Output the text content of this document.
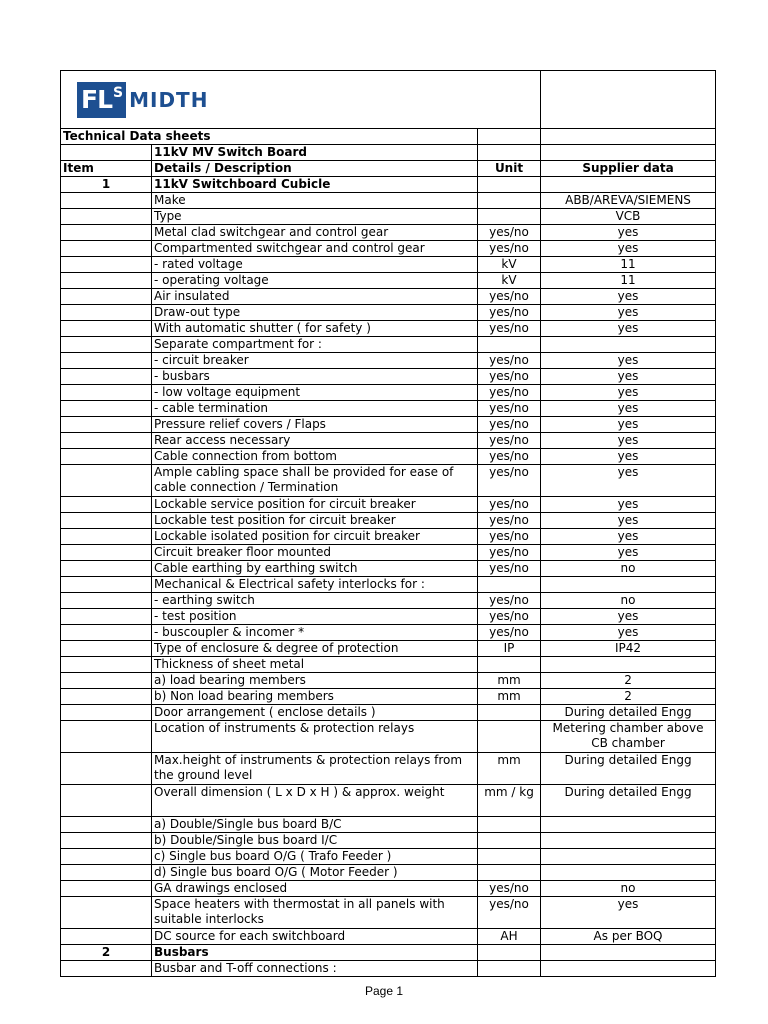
FL S MIDTH			

Technical Data sheets			
	11kV MV Switch Board		
Item	Details / Description	Unit	Supplier data
1	11kV Switchboard Cubicle		
	Make		ABB/AREVA/SIEMENS
	Type		VCB
	Metal clad switchgear and control gear	yes/no	yes
	Compartmented switchgear and control gear	yes/no	yes
	- rated voltage	kV	11
	- operating voltage	kV	11
	Air insulated	yes/no	yes
	Draw-out type	yes/no	yes
	With automatic shutter ( for safety )	yes/no	yes
	Separate compartment for :		
	- circuit breaker	yes/no	yes
	- busbars	yes/no	yes
	- low voltage equipment	yes/no	yes
	- cable termination	yes/no	yes
	Pressure relief covers / Flaps	yes/no	yes
	Rear access necessary	yes/no	yes
	Cable connection from bottom	yes/no	yes
	Ample cabling space shall be provided for ease of cable connection / Termination	yes/no	yes
	Lockable service position for circuit breaker	yes/no	yes
	Lockable test position for circuit breaker	yes/no	yes
	Lockable isolated position for circuit breaker	yes/no	yes
	Circuit breaker floor mounted	yes/no	yes
	Cable earthing by earthing switch	yes/no	no
	Mechanical & Electrical safety interlocks for :		
	- earthing switch	yes/no	no
	- test position	yes/no	yes
	- buscoupler & incomer *	yes/no	yes
	Type of enclosure & degree of protection	IP	IP42
	Thickness of sheet metal		
	a) load bearing members	mm	2
	b) Non load bearing members	mm	2
	Door arrangement ( enclose details )		During detailed Engg
	Location of instruments & protection relays		Metering chamber above CB chamber
	Max.height of instruments & protection relays from the ground level	mm	During detailed Engg
	Overall dimension ( L x D x H ) & approx. weight	mm / kg	During detailed Engg
	a) Double/Single bus board B/C		
	b) Double/Single bus board I/C		
	c) Single bus board O/G ( Trafo Feeder )		
	d) Single bus board O/G ( Motor Feeder )		
	GA drawings enclosed	yes/no	no
	Space heaters with thermostat in all panels with suitable interlocks	yes/no	yes
	DC source for each switchboard	AH	As per BOQ
2	Busbars		
	Busbar and T-off connections :		
Page 1
